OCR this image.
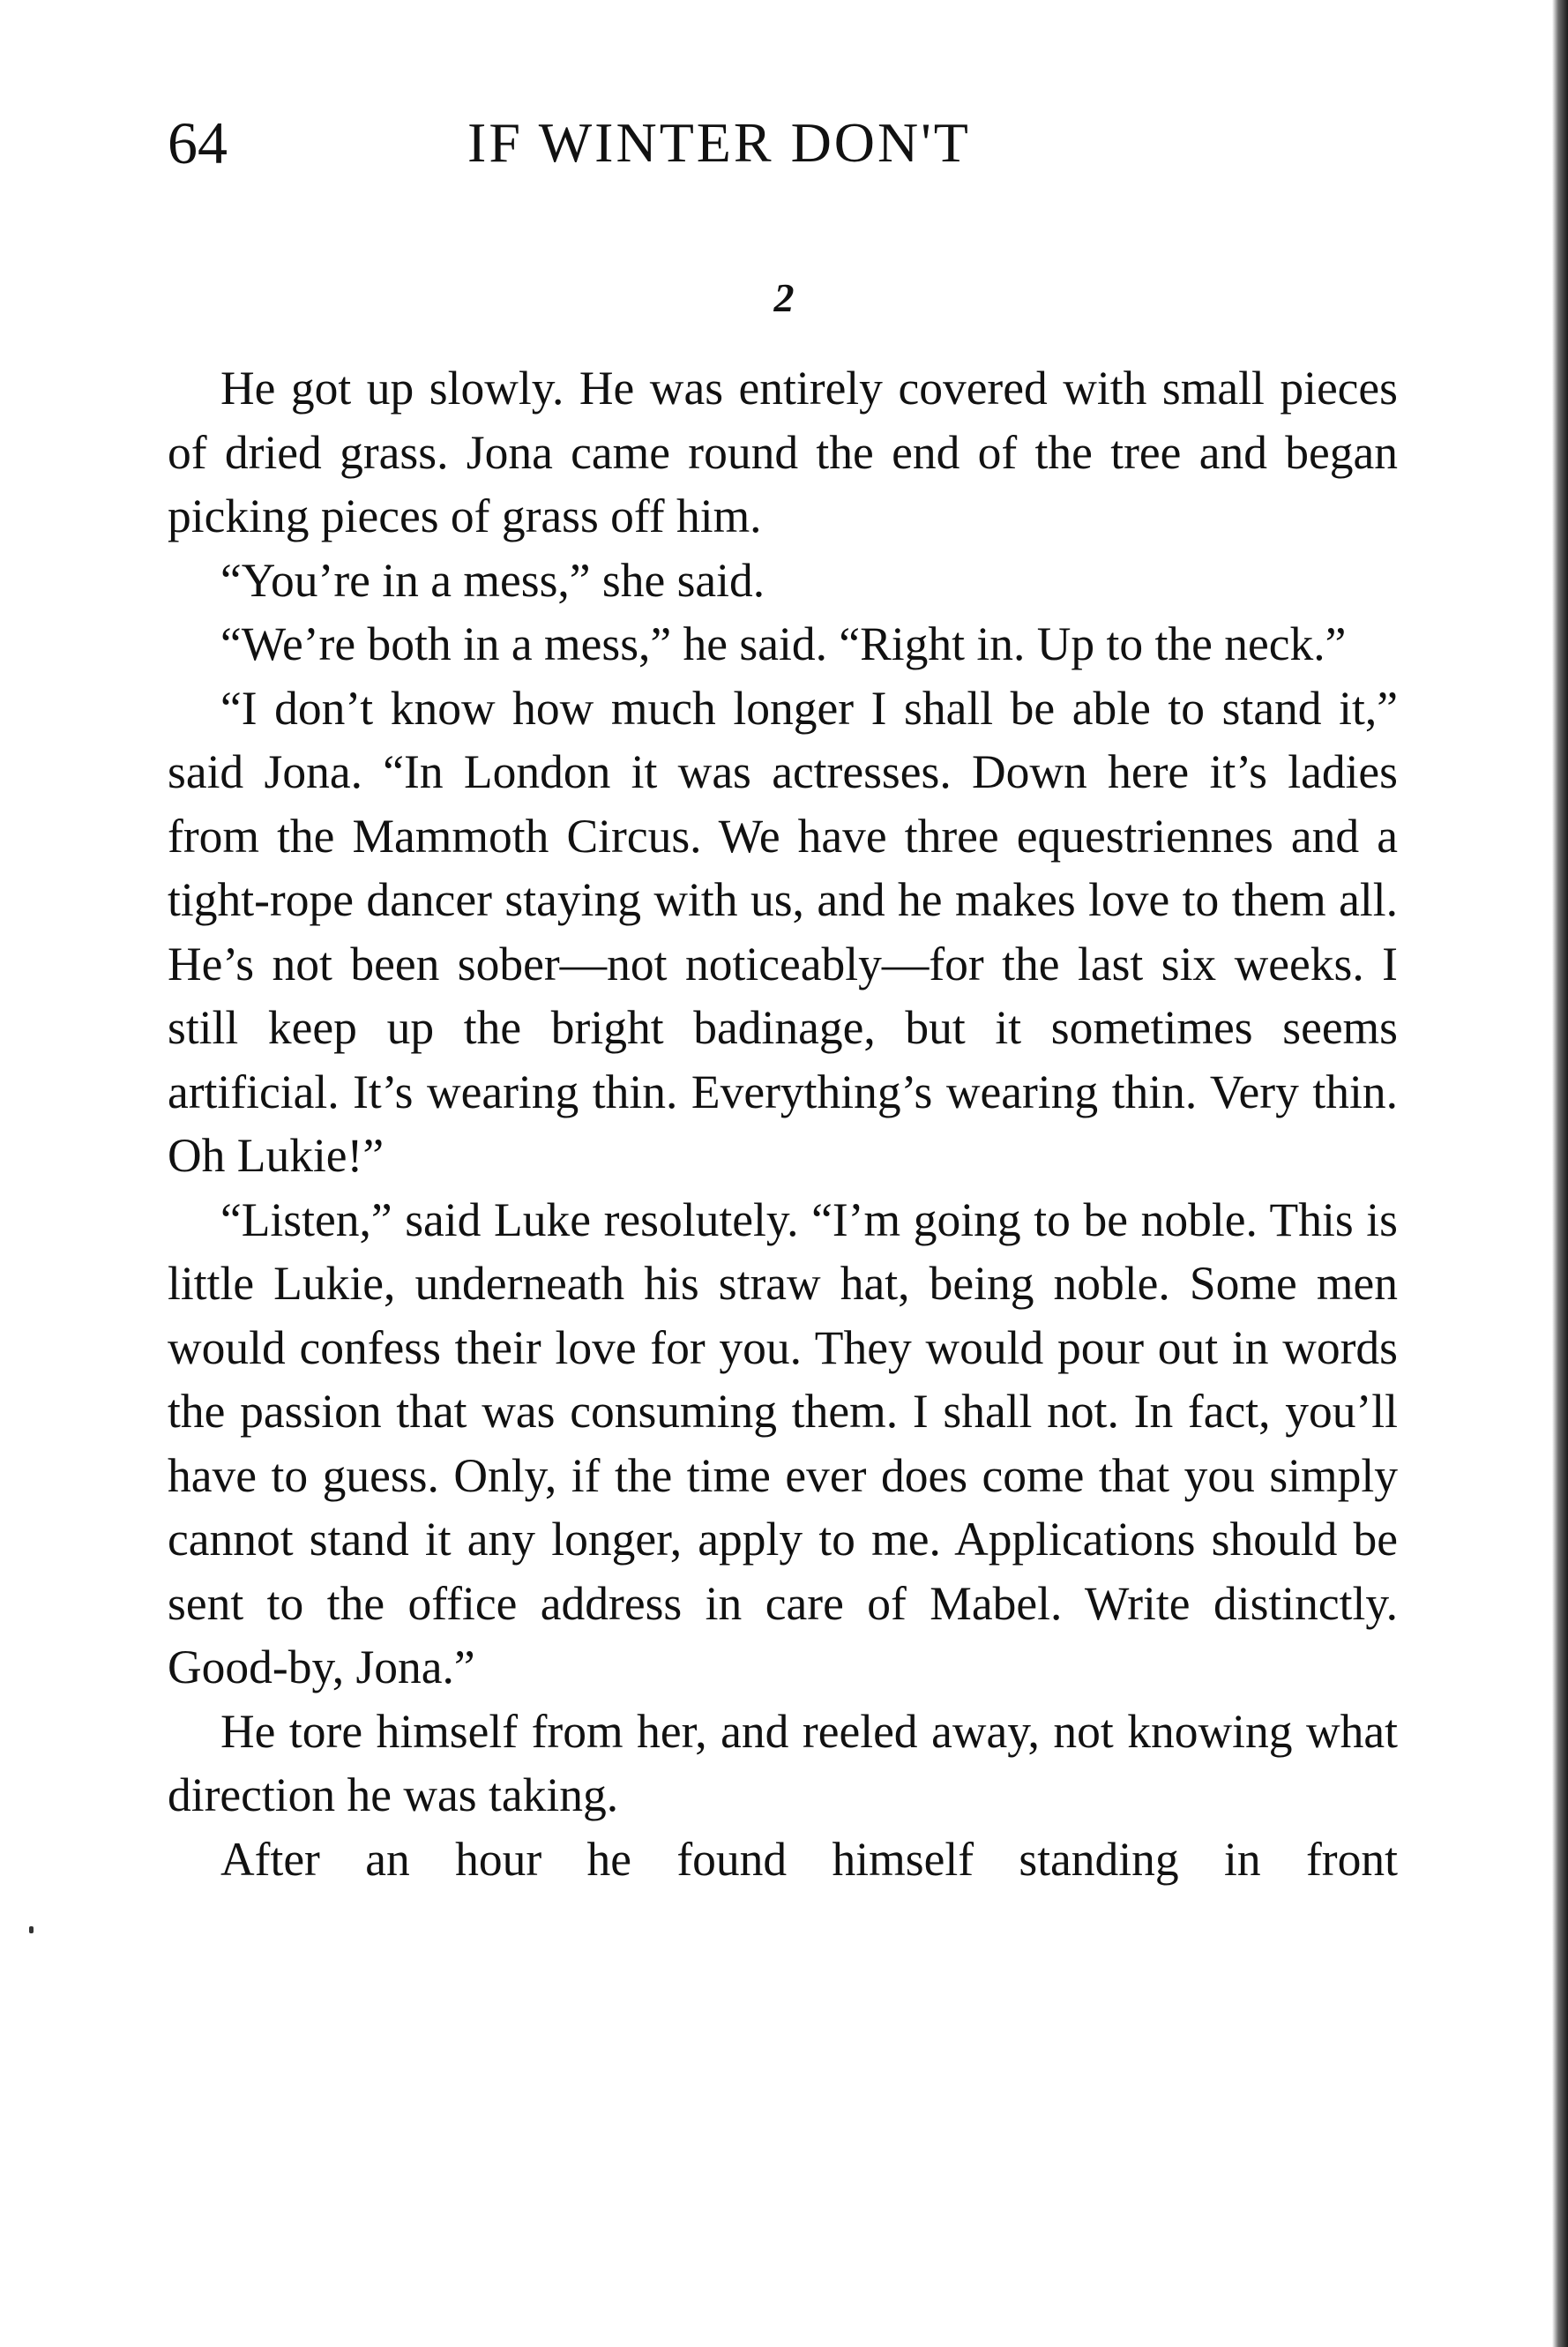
64	IF WINTER DON'T
2

He got up slowly. He was entirely covered with small pieces of dried grass. Jona came round the end of the tree and began picking pieces of grass off him.

“You’re in a mess,” she said.

“We’re both in a mess,” he said. “Right in. Up to the neck.”

“I don’t know how much longer I shall be able to stand it,” said Jona. “In London it was actresses. Down here it’s ladies from the Mammoth Circus. We have three equestriennes and a tight-rope dancer staying with us, and he makes love to them all. He’s not been sober—not noticeably—for the last six weeks. I still keep up the bright badinage, but it sometimes seems artificial. It’s wearing thin. Everything’s wearing thin. Very thin. Oh Lukie!”

“Listen,” said Luke resolutely. “I’m going to be noble. This is little Lukie, underneath his straw hat, being noble. Some men would confess their love for you. They would pour out in words the passion that was consuming them. I shall not. In fact, you’ll have to guess. Only, if the time ever does come that you simply cannot stand it any longer, apply to me. Applications should be sent to the office address in care of Mabel. Write distinctly. Good-by, Jona.”

He tore himself from her, and reeled away, not knowing what direction he was taking.

After an hour he found himself standing in front
